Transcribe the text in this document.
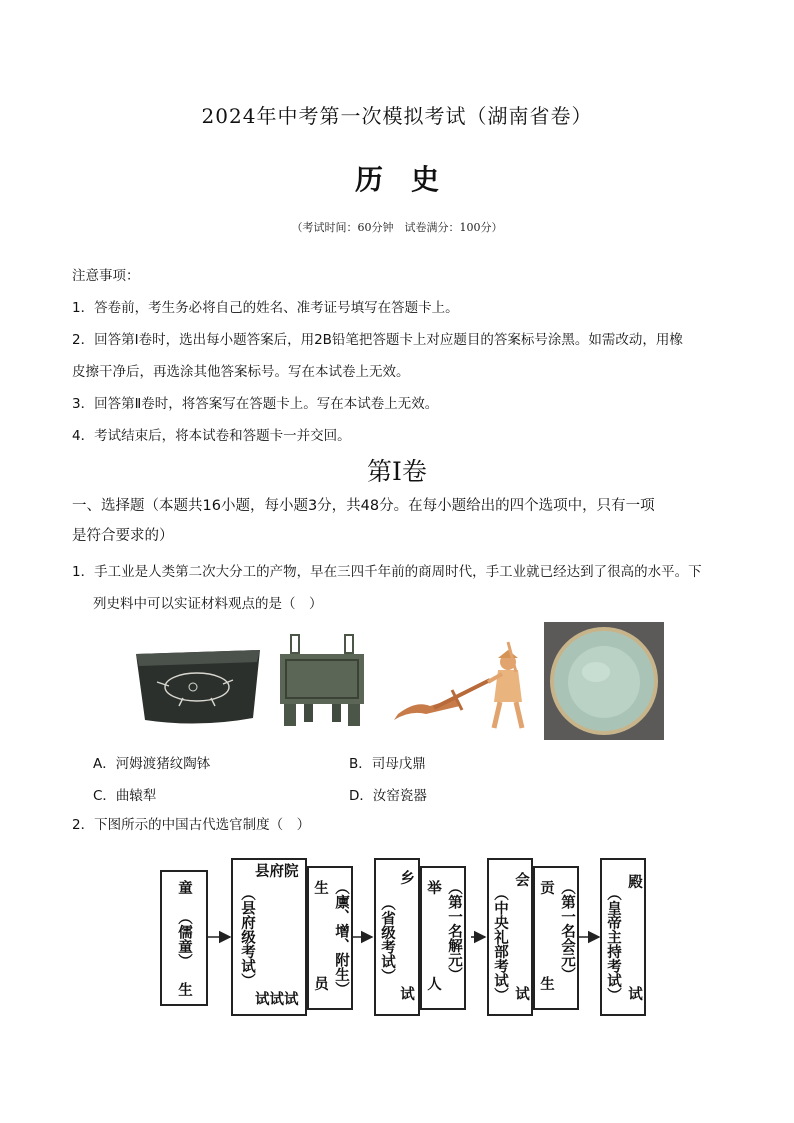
2024年中考第一次模拟考试（湖南省卷）
历史
（考试时间：60分钟　试卷满分：100分）
注意事项：
1．答卷前，考生务必将自己的姓名、准考证号填写在答题卡上。
2．回答第Ⅰ卷时，选出每小题答案后，用2B铅笔把答题卡上对应题目的答案标号涂黑。如需改动，用橡
皮擦干净后，再选涂其他答案标号。写在本试卷上无效。
3．回答第Ⅱ卷时，将答案写在答题卡上。写在本试卷上无效。
4．考试结束后，将本试卷和答题卡一并交回。
第Ⅰ卷
一、选择题（本题共16小题，每小题3分，共48分。在每小题给出的四个选项中，只有一项
是符合要求的）
1．手工业是人类第二次大分工的产物，早在三四千年前的商周时代，手工业就已经达到了很高的水平。下
列史料中可以实证材料观点的是（　）
A．河姆渡猪纹陶钵	B．司母戊鼎
C．曲辕犁	D．汝窑瓷器
2．下图所示的中国古代选官制度（　）
童
（儒童）
生
县府院
（县府级考试）
试试试
生 （廪、增、附生）
员
乡
（省级考试）
试
举 （第一名解元）
人
会
（中央礼部考试） 试
贡 （第一名会元）
生
殿
（皇帝主持考试） 试
